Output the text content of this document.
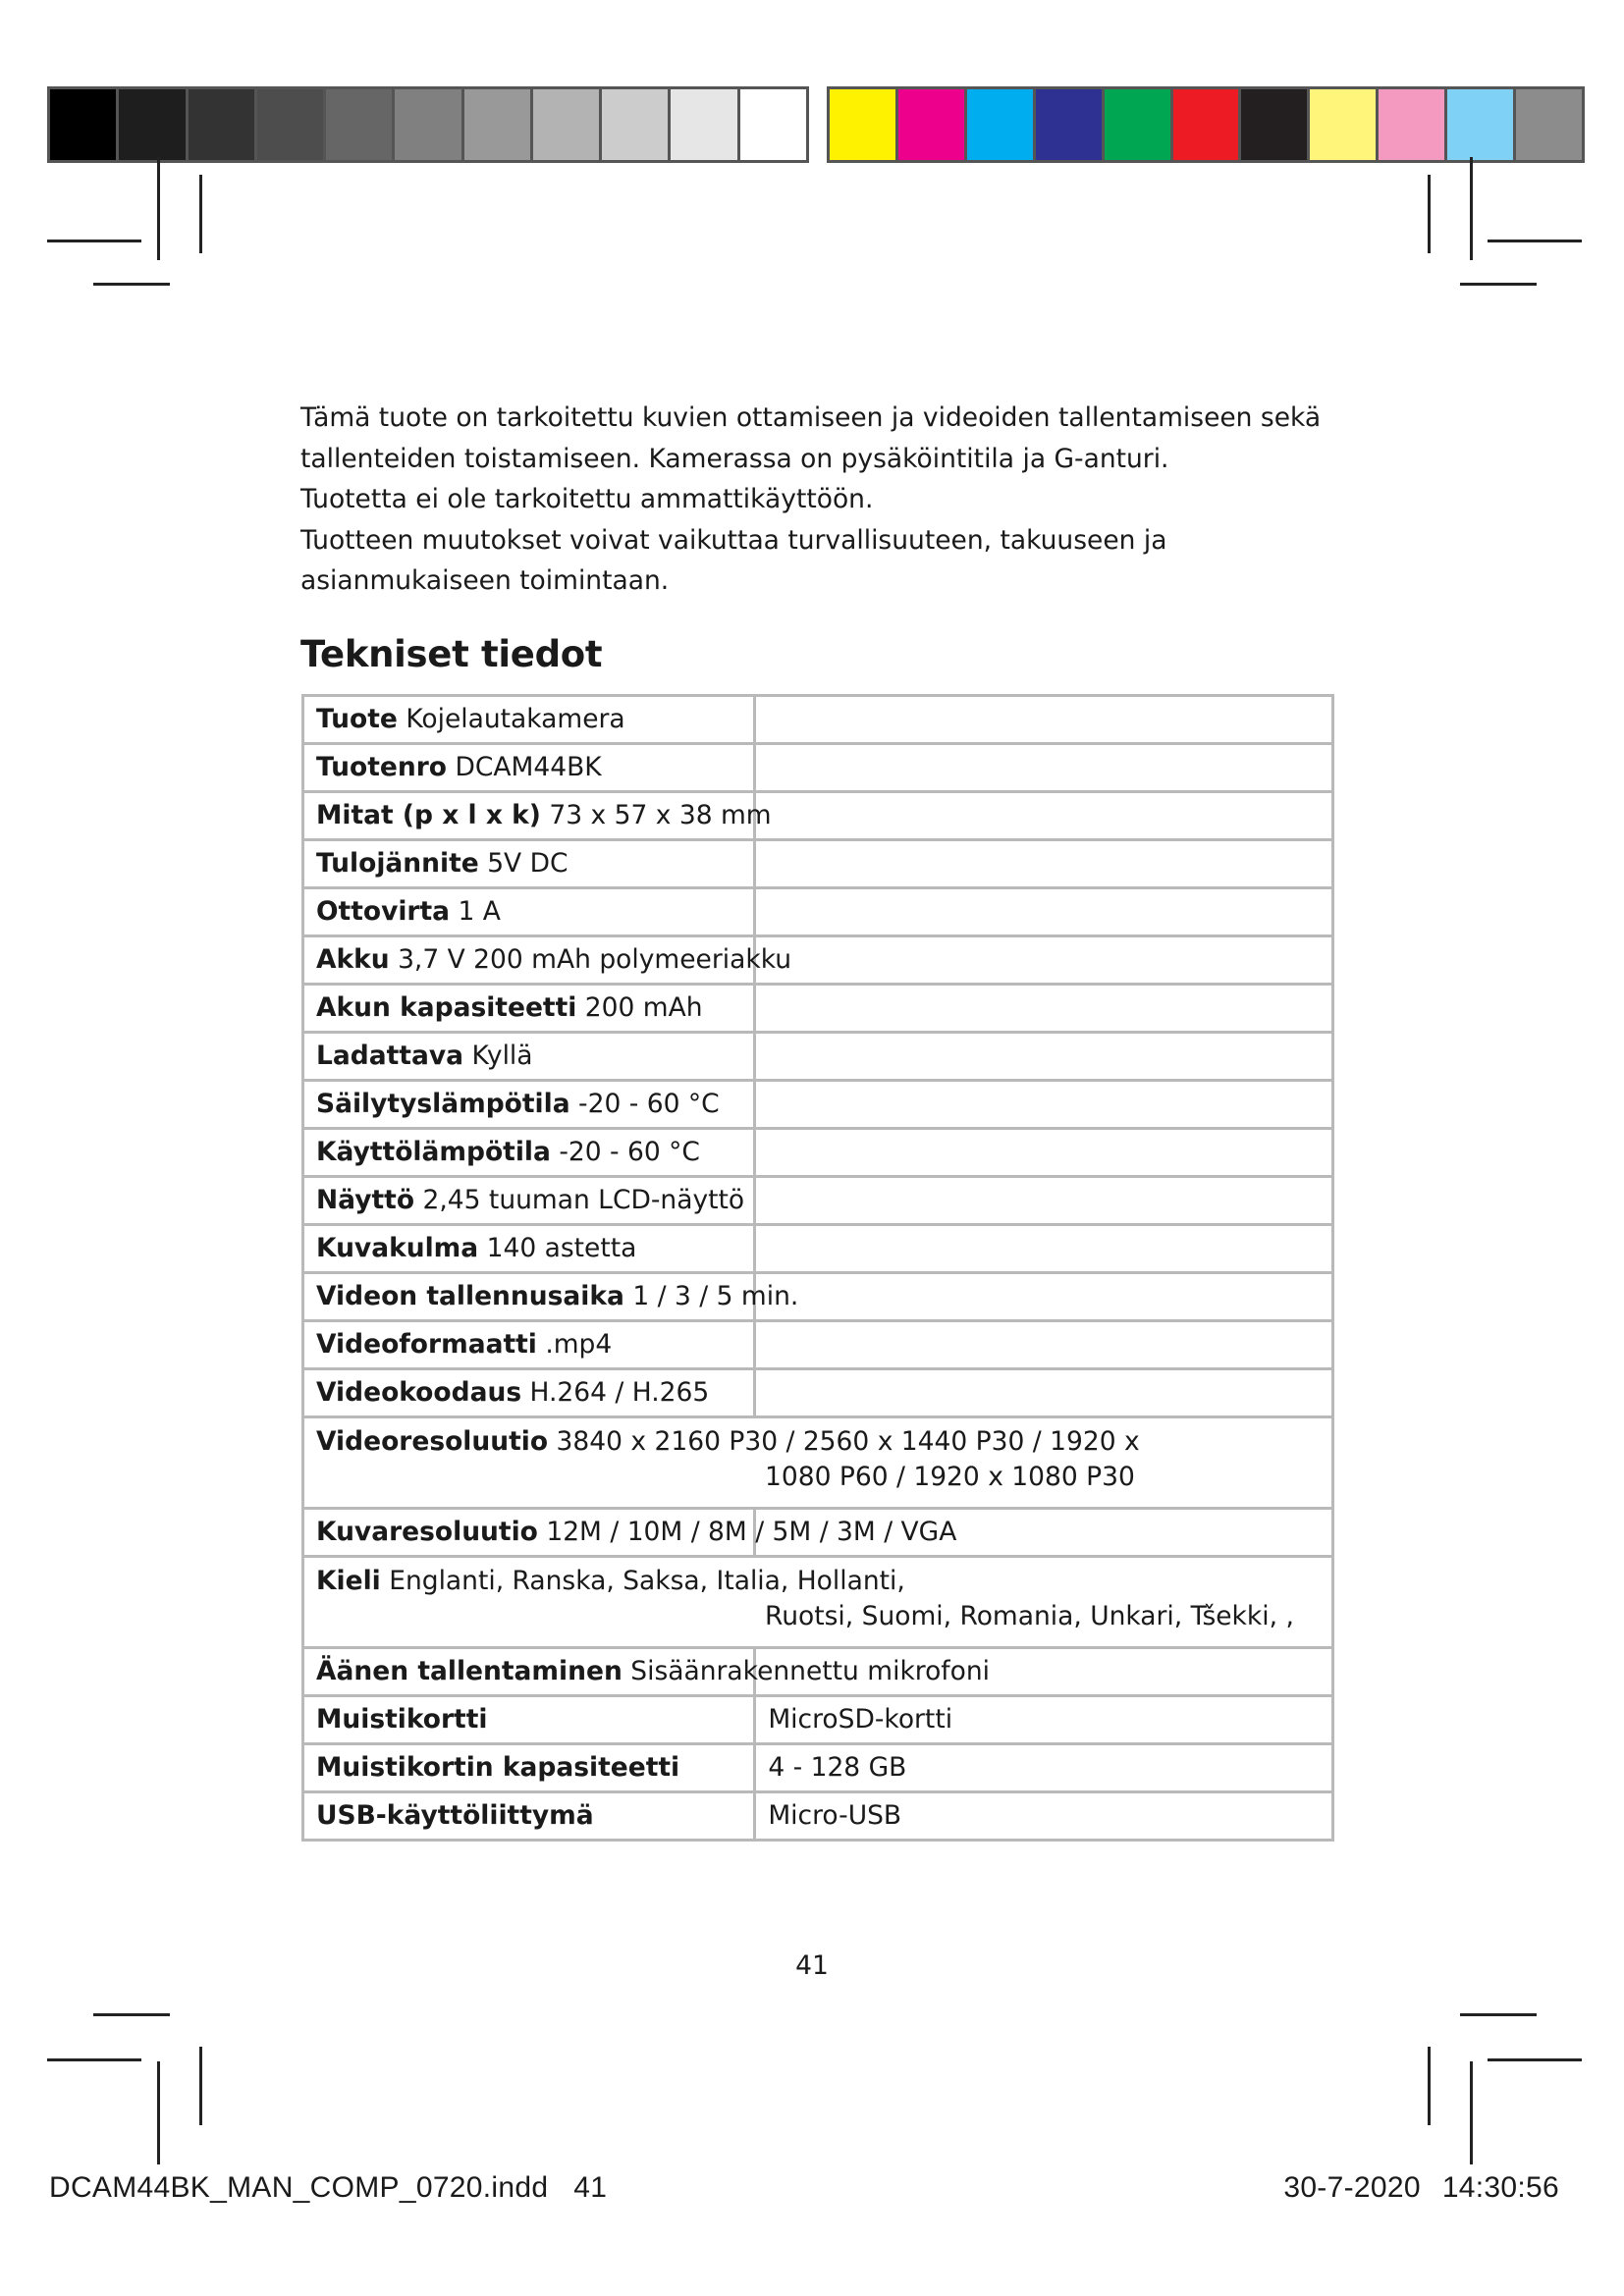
Tämä tuote on tarkoitettu kuvien ottamiseen ja videoiden tallentamiseen sekä

tallenteiden toistamiseen. Kamerassa on pysäköintitila ja G-anturi.

Tuotetta ei ole tarkoitettu ammattikäyttöön.

Tuotteen muutokset voivat vaikuttaa turvallisuuteen, takuuseen ja

asianmukaiseen toimintaan.

Tekniset tiedot
Tuote Kojelautakamera	
Tuotenro DCAM44BK	
Mitat (p x l x k) 73 x 57 x 38 mm	
Tulojännite 5V DC	
Ottovirta 1 A	
Akku 3,7 V 200 mAh polymeeriakku	
Akun kapasiteetti 200 mAh	
Ladattava Kyllä	
Säilytyslämpötila -20 - 60 °C	
Käyttölämpötila -20 - 60 °C	
Näyttö 2,45 tuuman LCD-näyttö	
Kuvakulma 140 astetta	
Videon tallennusaika 1 / 3 / 5 min.	
Videoformaatti .mp4	
Videokoodaus H.264 / H.265	

Videoresoluutio 3840 x 2160 P30 / 2560 x 1440 P30 / 1920 x
1080 P60 / 1920 x 1080 P30	

Kuvaresoluutio 12M / 10M / 8M / 5M / 3M / VGA	

Kieli Englanti, Ranska, Saksa, Italia, Hollanti,
Ruotsi, Suomi, Romania, Unkari, Tšekki, ,	

Äänen tallentaminen Sisäänrakennettu mikrofoni	
Muistikortti	MicroSD-kortti
Muistikortin kapasiteetti	4 - 128 GB
USB-käyttöliittymä	Micro-USB
41
DCAM44BK_MAN_COMP_0720.indd 41	30-7-2020 14:30:56
